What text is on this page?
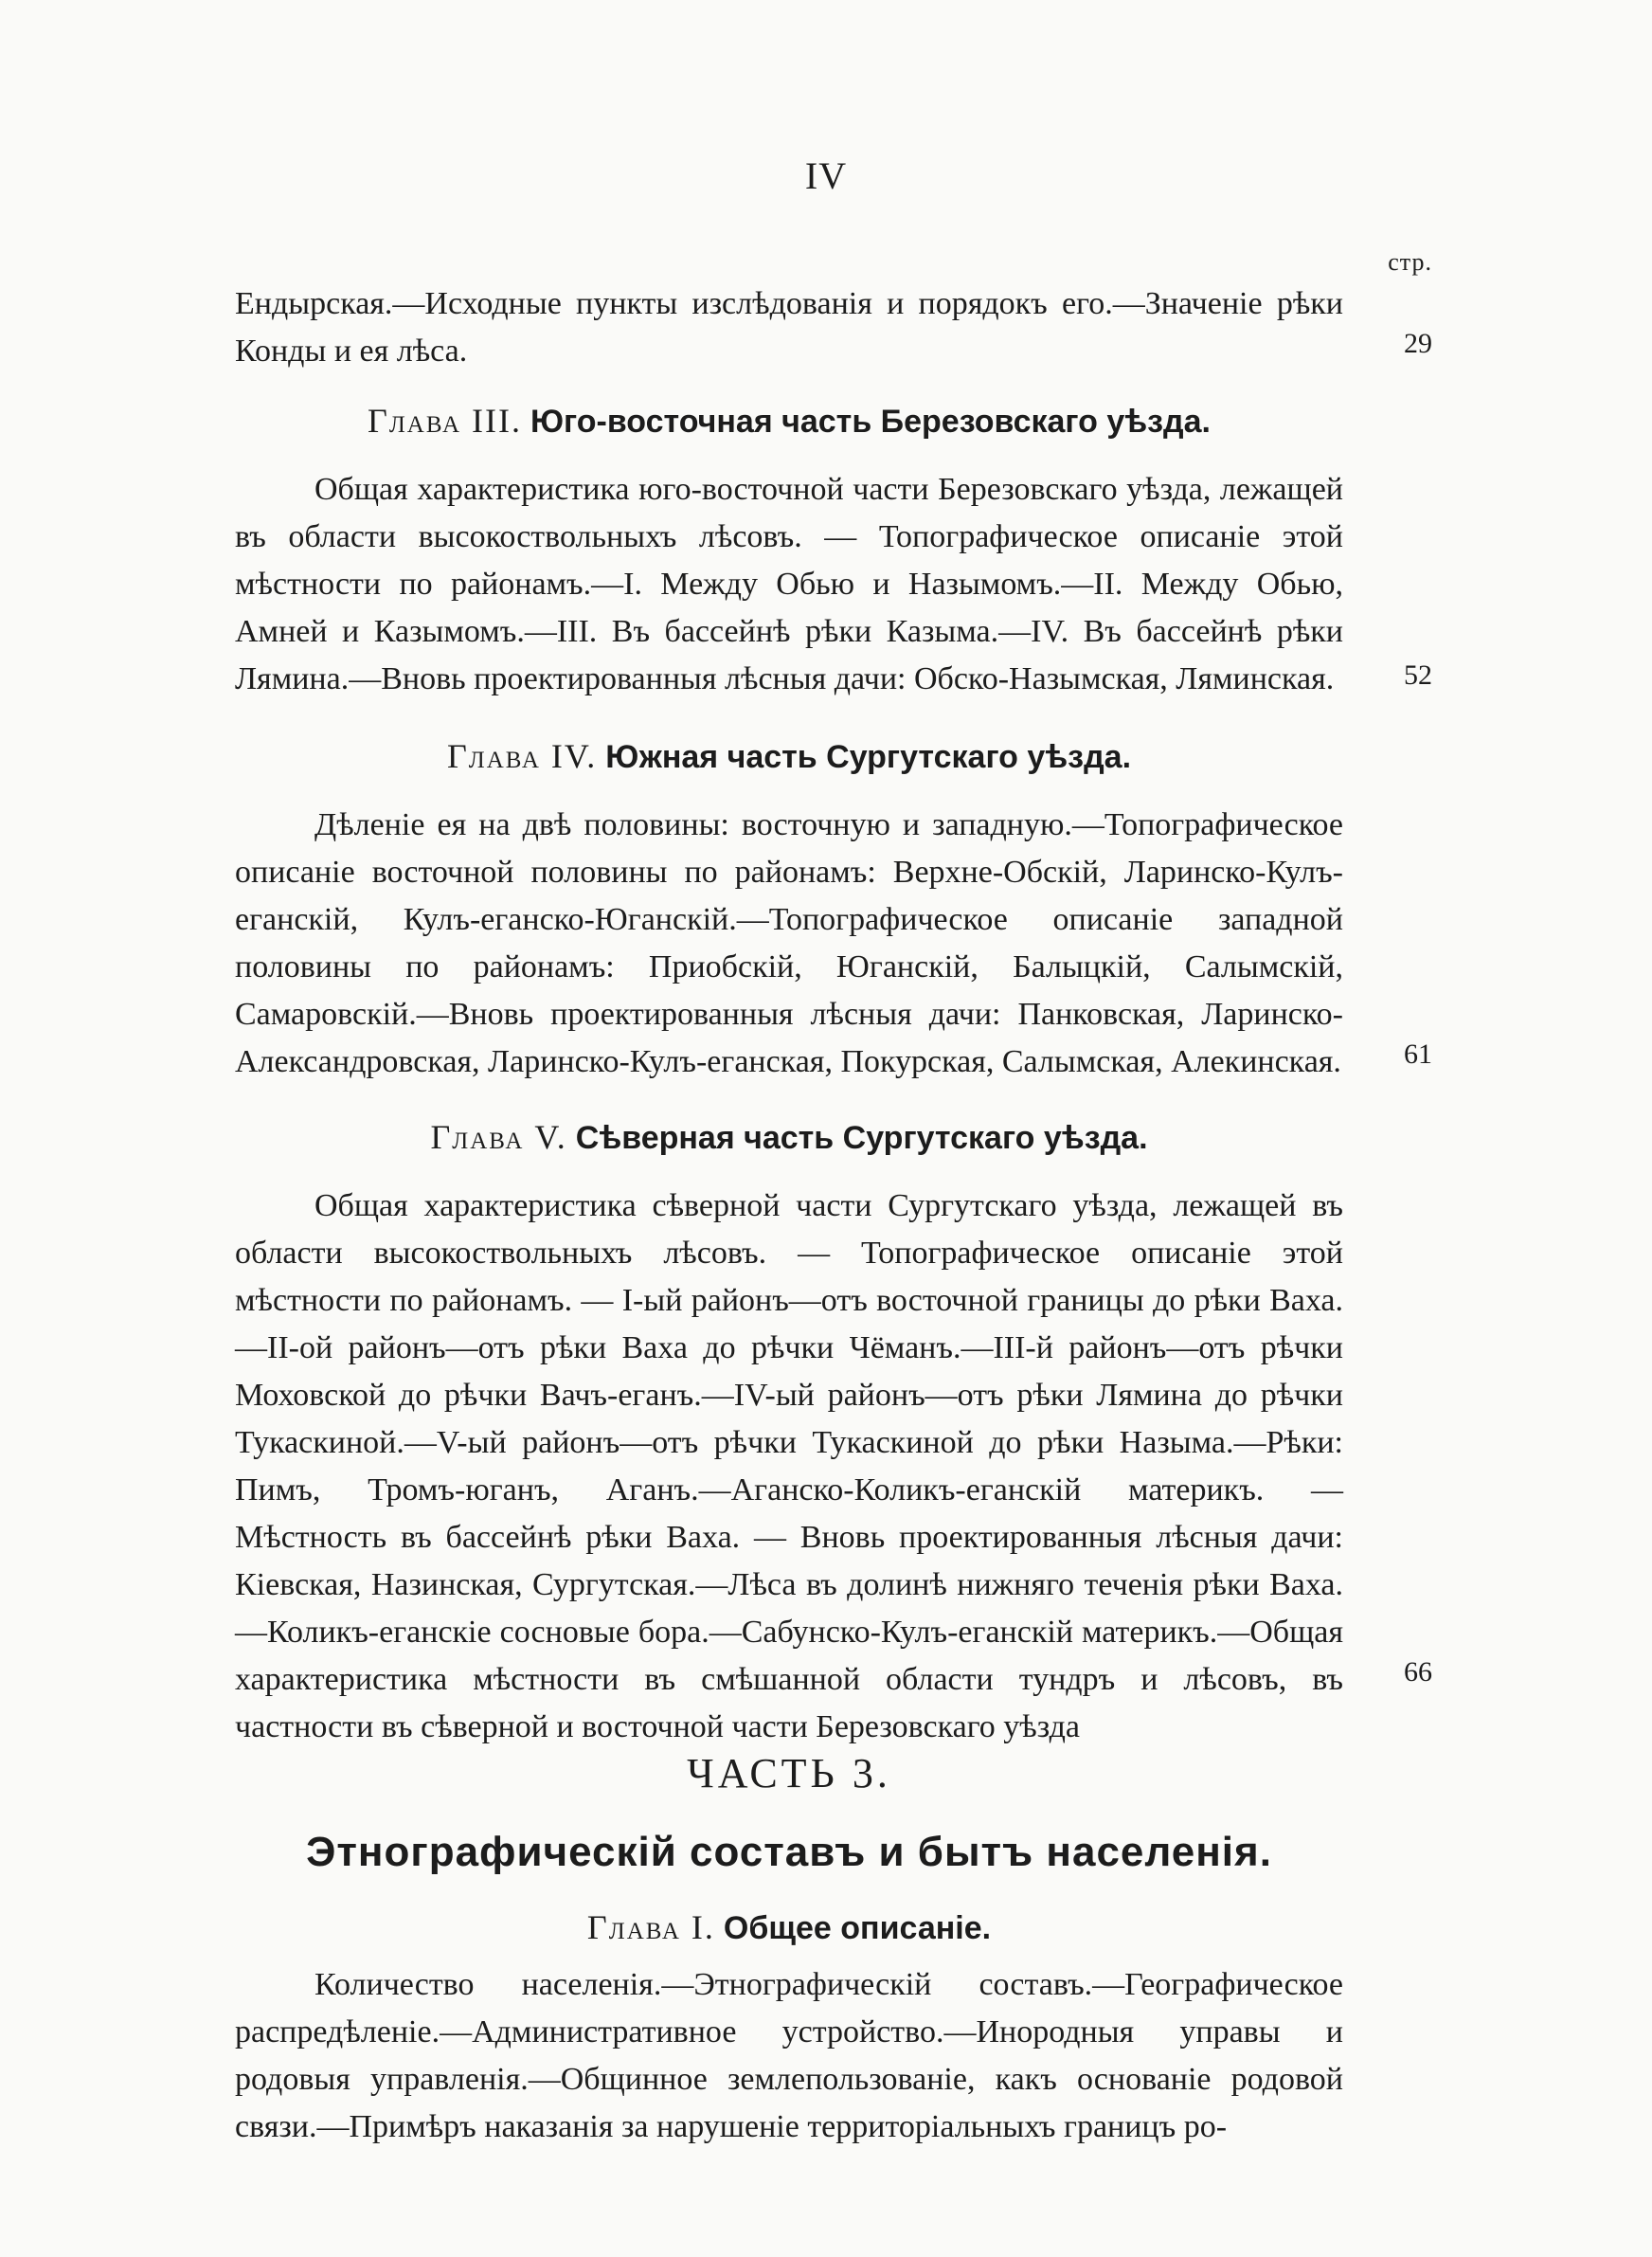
IV
стр.
Ендырская.—Исходные пункты изслѣдованія и порядокъ его.—Значеніе рѣки Конды и ея лѣса.	29
Глава III. Юго-восточная часть Березовскаго уѣзда.
Общая характеристика юго-восточной части Березовскаго уѣзда, лежащей въ области высокоствольныхъ лѣсовъ. — Топографическое описаніе этой мѣстности по районамъ.—I. Между Обью и Назымомъ.—II. Между Обью, Амней и Казымомъ.—III. Въ бассейнѣ рѣки Казыма.—IV. Въ бассейнѣ рѣки Лямина.—Вновь проектированныя лѣсныя дачи: Обско-Назымская, Ляминская.	52
Глава IV. Южная часть Сургутскаго уѣзда.
Дѣленіе ея на двѣ половины: восточную и западную.—Топографическое описаніе восточной половины по районамъ: Верхне-Обскій, Ларинско-Кулъ-еганскій, Кулъ-еганско-Юганскій.—Топографическое описаніе западной половины по районамъ: Приобскій, Юганскій, Балыцкій, Салымскій, Самаровскій.—Вновь проектированныя лѣсныя дачи: Панковская, Ларинско-Александровская, Ларинско-Кулъ-еганская, Покурская, Салымская, Алекинская. 61
Глава V. Сѣверная часть Сургутскаго уѣзда.
Общая характеристика сѣверной части Сургутскаго уѣзда, лежащей въ области высокоствольныхъ лѣсовъ. — Топографическое описаніе этой мѣстности по районамъ. — I-ый районъ—отъ восточной границы до рѣки Ваха.—II-ой районъ—отъ рѣки Ваха до рѣчки Чёманъ.—III-й районъ—отъ рѣчки Моховской до рѣчки Вачъ-еганъ.—IV-ый районъ—отъ рѣки Лямина до рѣчки Тукаскиной.—V-ый районъ—отъ рѣчки Тукаскиной до рѣки Назыма.—Рѣки: Пимъ, Тромъ-юганъ, Аганъ.—Аганско-Коликъ-еганскій материкъ. — Мѣстность въ бассейнѣ рѣки Ваха. — Вновь проектированныя лѣсныя дачи: Кіевская, Назинская, Сургутская.—Лѣса въ долинѣ нижняго теченія рѣки Ваха.—Коликъ-еганскіе сосновые бора.—Сабунско-Кулъ-еганскій материкъ.—Общая характеристика мѣстности въ смѣшанной области тундръ и лѣсовъ, въ частности въ сѣверной и восточной части Березовскаго уѣзда
66
ЧАСТЬ 3.
Этнографическій составъ и бытъ населенія.
Глава I. Общее описаніе.
Количество населенія.—Этнографическій составъ.—Географическое распредѣленіе.—Административное устройство.—Инородныя управы и родовыя управленія.—Общинное землепользованіе, какъ основаніе родовой связи.—Примѣръ наказанія за нарушеніе территоріальныхъ границъ ро-
